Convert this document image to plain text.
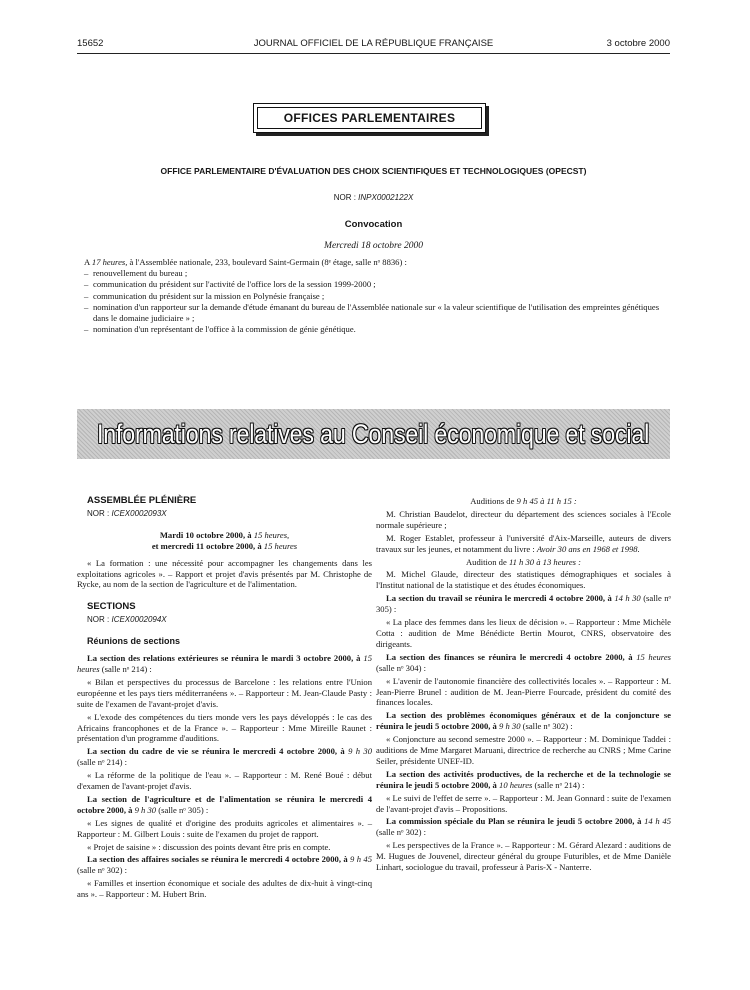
15652	JOURNAL OFFICIEL DE LA RÉPUBLIQUE FRANÇAISE	3 octobre 2000
OFFICES PARLEMENTAIRES
OFFICE PARLEMENTAIRE D'ÉVALUATION DES CHOIX SCIENTIFIQUES ET TECHNOLOGIQUES (OPECST)
NOR : INPX0002122X
Convocation
Mercredi 18 octobre 2000

A 17 heures, à l'Assemblée nationale, 233, boulevard Saint-Germain (8ᵉ étage, salle nᵒ 8836) :

– renouvellement du bureau ;
– communication du président sur l'activité de l'office lors de la session 1999-2000 ;
– communication du président sur la mission en Polynésie française ;
– nomination d'un rapporteur sur la demande d'étude émanant du bureau de l'Assemblée nationale sur « la valeur scientifique de l'utilisation des empreintes génétiques dans le domaine judiciaire » ;
– nomination d'un représentant de l'office à la commission de génie génétique.
Informations relatives au Conseil économique et social

ASSEMBLÉE PLÉNIÈRE

NOR : ICEX0002093X

Mardi 10 octobre 2000, à 15 heures,

et mercredi 11 octobre 2000, à 15 heures

« La formation : une nécessité pour accompagner les changements dans les exploitations agricoles ». – Rapport et projet d'avis présentés par M. Christophe de Rycke, au nom de la section de l'agriculture et de l'alimentation.

SECTIONS

NOR : ICEX0002094X

Réunions de sections

La section des relations extérieures se réunira le mardi 3 octobre 2000, à 15 heures (salle nᵒ 214) :

« Bilan et perspectives du processus de Barcelone : les relations entre l'Union européenne et les pays tiers méditerranéens ». – Rapporteur : M. Jean-Claude Pasty : suite de l'examen de l'avant-projet d'avis.

« L'exode des compétences du tiers monde vers les pays développés : le cas des Africains francophones et de la France ». – Rapporteur : Mme Mireille Raunet : présentation d'un programme d'auditions.

La section du cadre de vie se réunira le mercredi 4 octobre 2000, à 9 h 30 (salle nᵒ 214) :

« La réforme de la politique de l'eau ». – Rapporteur : M. René Boué : début d'examen de l'avant-projet d'avis.

La section de l'agriculture et de l'alimentation se réunira le mercredi 4 octobre 2000, à 9 h 30 (salle nᵒ 305) :

« Les signes de qualité et d'origine des produits agricoles et alimentaires ». – Rapporteur : M. Gilbert Louis : suite de l'examen du projet de rapport.

« Projet de saisine » : discussion des points devant être pris en compte.

La section des affaires sociales se réunira le mercredi 4 octobre 2000, à 9 h 45 (salle nᵒ 302) :

« Familles et insertion économique et sociale des adultes de dix-huit à vingt-cinq ans ». – Rapporteur : M. Hubert Brin.

Auditions de 9 h 45 à 11 h 15 :

M. Christian Baudelot, directeur du département des sciences sociales à l'Ecole normale supérieure ;

M. Roger Establet, professeur à l'université d'Aix-Marseille, auteurs de divers travaux sur les jeunes, et notamment du livre : Avoir 30 ans en 1968 et 1998.

Audition de 11 h 30 à 13 heures :

M. Michel Glaude, directeur des statistiques démographiques et sociales à l'Institut national de la statistique et des études économiques.

La section du travail se réunira le mercredi 4 octobre 2000, à 14 h 30 (salle nᵒ 305) :

« La place des femmes dans les lieux de décision ». – Rapporteur : Mme Michèle Cotta : audition de Mme Bénédicte Bertin Mourot, CNRS, observatoire des dirigeants.

La section des finances se réunira le mercredi 4 octobre 2000, à 15 heures (salle nᵒ 304) :

« L'avenir de l'autonomie financière des collectivités locales ». – Rapporteur : M. Jean-Pierre Brunel : audition de M. Jean-Pierre Fourcade, président du comité des finances locales.

La section des problèmes économiques généraux et de la conjoncture se réunira le jeudi 5 octobre 2000, à 9 h 30 (salle nᵒ 302) :

« Conjoncture au second semestre 2000 ». – Rapporteur : M. Dominique Taddei : auditions de Mme Margaret Maruani, directrice de recherche au CNRS ; Mme Carine Seiler, présidente UNEF-ID.

La section des activités productives, de la recherche et de la technologie se réunira le jeudi 5 octobre 2000, à 10 heures (salle nᵒ 214) :

« Le suivi de l'effet de serre ». – Rapporteur : M. Jean Gonnard : suite de l'examen de l'avant-projet d'avis – Propositions.

La commission spéciale du Plan se réunira le jeudi 5 octobre 2000, à 14 h 45 (salle nᵒ 302) :

« Les perspectives de la France ». – Rapporteur : M. Gérard Alezard : auditions de M. Hugues de Jouvenel, directeur général du groupe Futuribles, et de Mme Danièle Linhart, sociologue du travail, professeur à Paris-X - Nanterre.
